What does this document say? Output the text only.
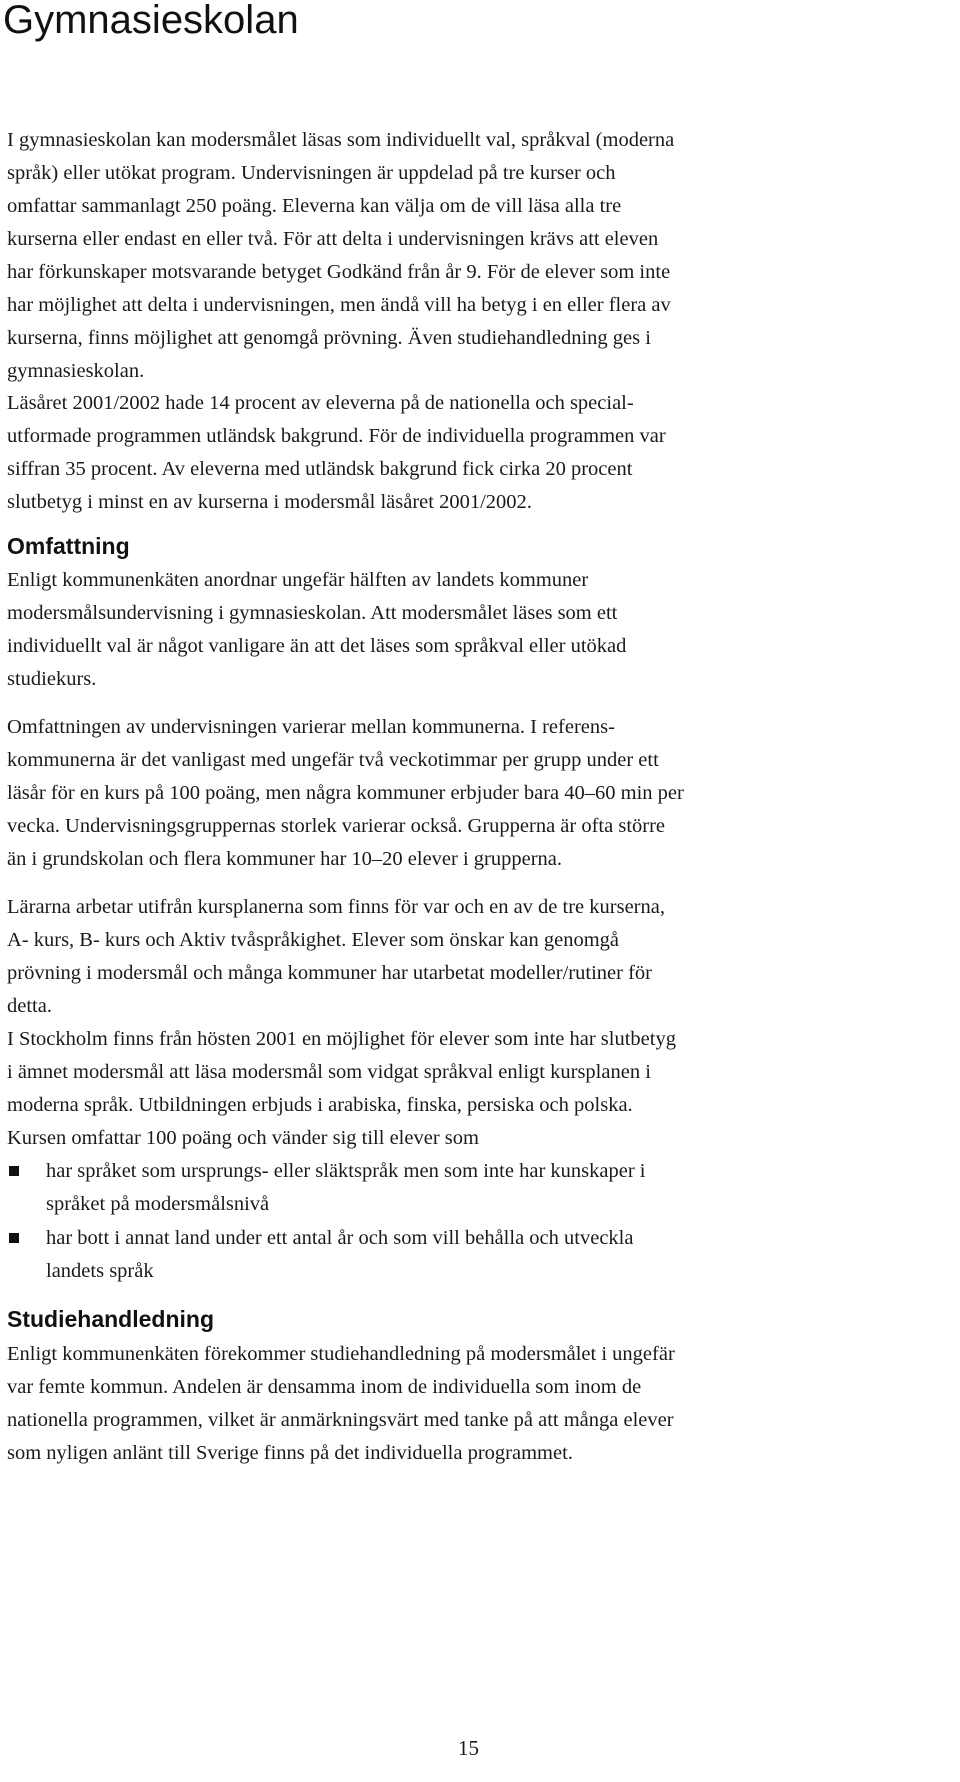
Gymnasieskolan

I gymnasieskolan kan modersmålet läsas som individuellt val, språkval (moderna
språk) eller utökat program. Undervisningen är uppdelad på tre kurser och
omfattar sammanlagt 250 poäng. Eleverna kan välja om de vill läsa alla tre
kurserna eller endast en eller två. För att delta i undervisningen krävs att eleven
har förkunskaper motsvarande betyget Godkänd från år 9. För de elever som inte
har möjlighet att delta i undervisningen, men ändå vill ha betyg i en eller flera av
kurserna, finns möjlighet att genomgå prövning. Även studiehandledning ges i
gymnasieskolan.

Läsåret 2001/2002 hade 14 procent av eleverna på de nationella och special-
utformade programmen utländsk bakgrund. För de individuella programmen var
siffran 35 procent. Av eleverna med utländsk bakgrund fick cirka 20 procent
slutbetyg i minst en av kurserna i modersmål läsåret 2001/2002.

Omfattning

Enligt kommunenkäten anordnar ungefär hälften av landets kommuner
modersmålsundervisning i gymnasieskolan. Att modersmålet läses som ett
individuellt val är något vanligare än att det läses som språkval eller utökad
studiekurs.

Omfattningen av undervisningen varierar mellan kommunerna. I referens-
kommunerna är det vanligast med ungefär två veckotimmar per grupp under ett
läsår för en kurs på 100 poäng, men några kommuner erbjuder bara 40–60 min per
vecka. Undervisningsgruppernas storlek varierar också. Grupperna är ofta större
än i grundskolan och flera kommuner har 10–20 elever i grupperna.

Lärarna arbetar utifrån kursplanerna som finns för var och en av de tre kurserna,
A- kurs, B- kurs och Aktiv tvåspråkighet. Elever som önskar kan genomgå
prövning i modersmål och många kommuner har utarbetat modeller/rutiner för
detta.
I Stockholm finns från hösten 2001 en möjlighet för elever som inte har slutbetyg
i ämnet modersmål att läsa modersmål som vidgat språkval enligt kursplanen i
moderna språk. Utbildningen erbjuds i arabiska, finska, persiska och polska.
Kursen omfattar 100 poäng och vänder sig till elever som

har språket som ursprungs- eller släktspråk men som inte har kunskaper i
språket på modersmålsnivå
har bott i annat land under ett antal år och som vill behålla och utveckla
landets språk
Studiehandledning

Enligt kommunenkäten förekommer studiehandledning på modersmålet i ungefär
var femte kommun. Andelen är densamma inom de individuella som inom de
nationella programmen, vilket är anmärkningsvärt med tanke på att många elever
som nyligen anlänt till Sverige finns på det individuella programmet.

15
